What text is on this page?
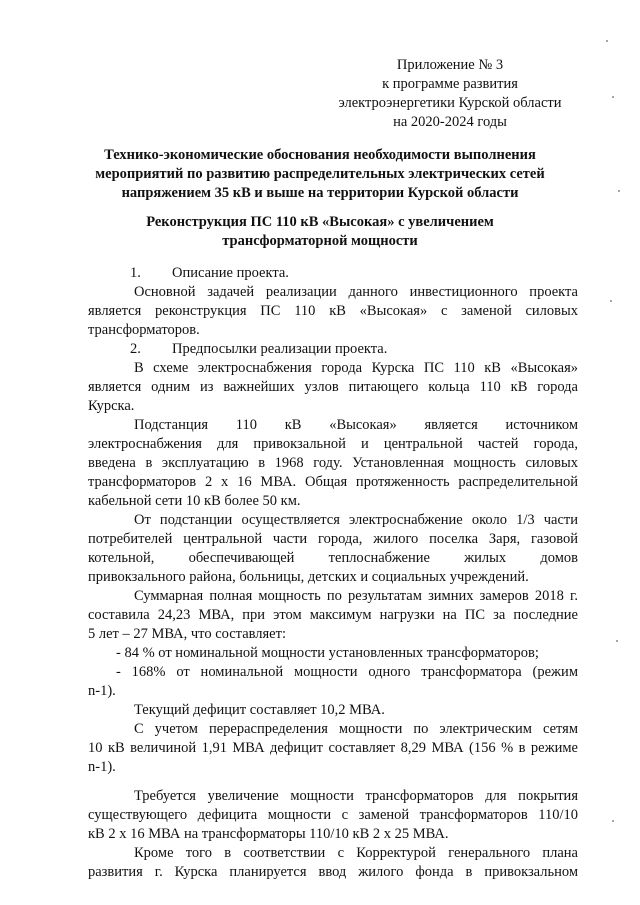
Приложение № 3
к программе развития
электроэнергетики Курской области
на 2020-2024 годы
Технико-экономические обоснования необходимости выполнения
мероприятий по развитию распределительных электрических сетей
напряжением 35 кВ и выше на территории Курской области
Реконструкция ПС 110 кВ «Высокая» с увеличением
трансформаторной мощности
1. Описание проекта.
Основной задачей реализации данного инвестиционного проекта
является реконструкция ПС 110 кВ «Высокая» с заменой силовых
трансформаторов.
2. Предпосылки реализации проекта.
В схеме электроснабжения города Курска ПС 110 кВ «Высокая»
является одним из важнейших узлов питающего кольца 110 кВ города
Курска.
Подстанция 110 кВ «Высокая» является источником
электроснабжения для привокзальной и центральной частей города,
введена в эксплуатацию в 1968 году. Установленная мощность силовых
трансформаторов 2 х 16 МВА. Общая протяженность распределительной
кабельной сети 10 кВ более 50 км.
От подстанции осуществляется электроснабжение около 1/3 части
потребителей центральной части города, жилого поселка Заря, газовой
котельной, обеспечивающей теплоснабжение жилых домов
привокзального района, больницы, детских и социальных учреждений.
Суммарная полная мощность по результатам зимних замеров 2018 г.
составила 24,23 МВА, при этом максимум нагрузки на ПС за последние
5 лет – 27 МВА, что составляет:
- 84 % от номинальной мощности установленных трансформаторов;
- 168% от номинальной мощности одного трансформатора (режим
n-1).
Текущий дефицит составляет 10,2 МВА.
С учетом перераспределения мощности по электрическим сетям
10 кВ величиной 1,91 МВА дефицит составляет 8,29 МВА (156 % в режиме
n-1).
Требуется увеличение мощности трансформаторов для покрытия
существующего дефицита мощности с заменой трансформаторов 110/10
кВ 2 х 16 МВА на трансформаторы 110/10 кВ 2 х 25 МВА.
Кроме того в соответствии с Корректурой генерального плана
развития г. Курска планируется ввод жилого фонда в привокзальном
